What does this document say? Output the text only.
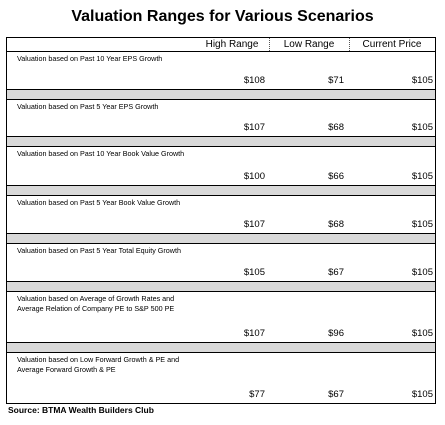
Valuation Ranges for Various Scenarios
High Range	Low Range	Current Price
Valuation based on Past 10 Year EPS Growth
$108	$71	$105
Valuation based on Past 5 Year EPS Growth
$107	$68	$105
Valuation based on Past 10 Year Book Value Growth
$100	$66	$105
Valuation based on Past 5 Year Book Value Growth
$107	$68	$105
Valuation based on Past 5 Year Total Equity Growth
$105	$67	$105
Valuation based on Average of Growth Rates and Average Relation of Company PE to S&P 500 PE
$107	$96	$105
Valuation based on Low Forward Growth & PE and Average Forward Growth & PE
$77	$67	$105
Source: BTMA Wealth Builders Club
